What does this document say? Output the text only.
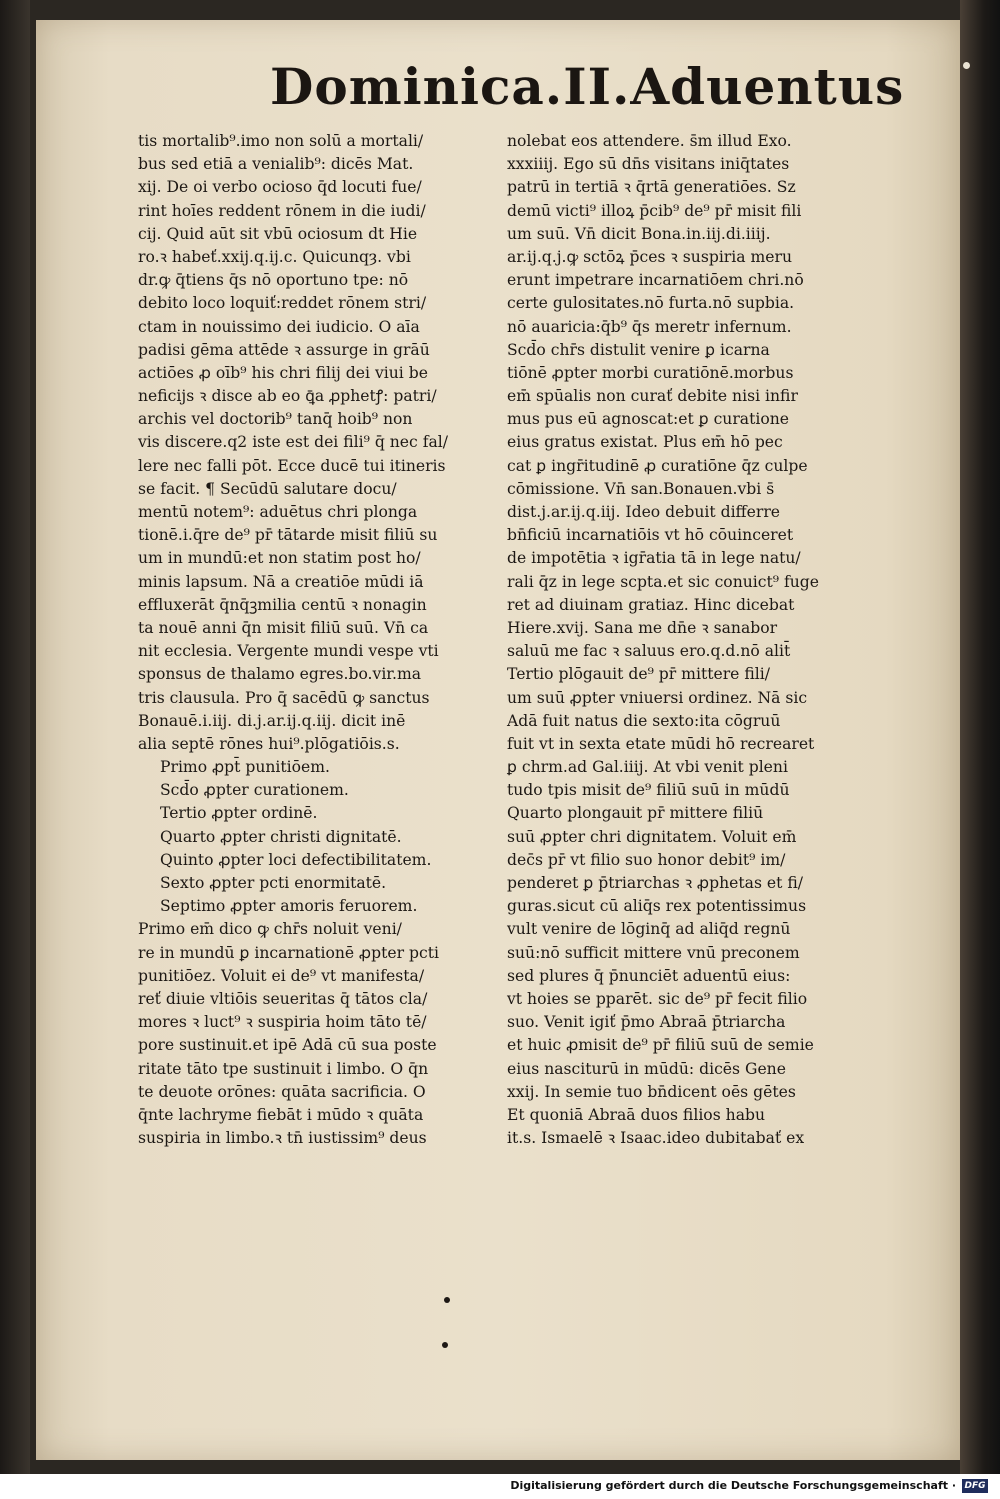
Dominica.II.Aduentus
tis mortalib⁹.imo non solū a mortali/
bus sed etiā a venialib⁹: dicēs Mat.
xij. De oi verbo ocioso q̄d locuti fue/
rint hoīes reddent rōnem in die iudi/
cij. Quid aūt sit vbū ociosum dt Hie
ro.ꝛ habeť.xxij.q.ij.c. Quicunqȝ. vbi
dr.ꝙ q̄tiens q̄s nō oportuno tpe: nō
debito loco loquiť:reddet rōnem stri/
ctam in nouissimo dei iudicio. O aīa
padisi gēma attēde ꝛ assurge in grāū
actiōes ꝓ oīb⁹ his chri filij dei viui be
neficijs ꝛ disce ab eo ꝗ̄a ꝓphetꝭ: patri/
archis vel doctorib⁹ tanq̄ hoib⁹ non
vis discere.q2 iste est dei fili⁹ q̄ nec fal/
lere nec falli pōt. Ecce ducē tui itineris
se facit. ¶ Secūdū salutare docu/
mentū notem⁹: aduētus chri plonga
tionē.i.q̄re de⁹ pr̄ tātarde misit filiū su
um in mundū:et non statim post ho/
minis lapsum. Nā a creatiōe mūdi iā
effluxerāt q̄nq̄ꝫmilia centū ꝛ nonagin
ta nouē anni q̄n misit filiū suū. Vn̄ ca
nit ecclesia. Vergente mundi vespe vti
sponsus de thalamo egres.bo.vir.ma
tris clausula. Pro q̄ sacēdū ꝙ sanctus
Bonauē.i.iij. di.j.ar.ij.q.iij. dicit inē
alia septē rōnes hui⁹.plōgatiōis.s.
Primo ꝓpt̄ punitiōem.
Scd̄o ꝓpter curationem.
Tertio ꝓpter ordinē.
Quarto ꝓpter christi dignitatē.
Quinto ꝓpter loci defectibilitatem.
Sexto ꝓpter pcti enormitatē.
Septimo ꝓpter amoris feruorem.
Primo em̄ dico ꝙ chr̄s noluit veni/
re in mundū ꝑ incarnationē ꝓpter pcti
punitiōez. Voluit ei de⁹ vt manifesta/
reť diuie vltiōis seueritas q̄ tātos cla/
mores ꝛ luct⁹ ꝛ suspiria hoim tāto tē/
pore sustinuit.et ipē Adā cū sua poste
ritate tāto tpe sustinuit i limbo. O q̄n
te deuote orōnes: quāta sacrificia. O
q̄nte lachryme fiebāt i mūdo ꝛ quāta
suspiria in limbo.ꝛ tn̄ iustissim⁹ deus
nolebat eos attendere. s̄m illud Exo.
xxxiiij. Ego sū dn̄s visitans iniq̄tates
patrū in tertiā ꝛ q̄rtā generatiōes. Sz
demū victi⁹ illoꝝ p̄cib⁹ de⁹ pr̄ misit fili
um suū. Vn̄ dicit Bona.in.iij.di.iiij.
ar.ij.q.j.ꝙ sctōꝝ p̄ces ꝛ suspiria meru
erunt impetrare incarnatiōem chri.nō
certe gulositates.nō furta.nō supbia.
nō auaricia:q̄b⁹ q̄s meretr infernum.
Scd̄o chr̄s distulit venire ꝑ icarna
tiōnē ꝓpter morbi curatiōnē.morbus
em̄ spūalis non curať debite nisi infir
mus pus eū agnoscat:et ꝑ curatione
eius gratus existat. Plus em̄ hō pec
cat ꝑ ingr̄itudinē ꝓ curatiōne q̄z culpe
cōmissione. Vn̄ san.Bonauen.vbi s̄
dist.j.ar.ij.q.iij. Ideo debuit differre
bn̄ficiū incarnatiōis vt hō cōuinceret
de impotētia ꝛ igr̄atia tā in lege natu/
rali q̄z in lege scpta.et sic conuict⁹ fuge
ret ad diuinam gratiaz. Hinc dicebat
Hiere.xvij. Sana me dn̄e ꝛ sanabor
saluū me fac ꝛ saluus ero.q.d.nō alit̄
Tertio plōgauit de⁹ pr̄ mittere fili/
um suū ꝓpter vniuersi ordinez. Nā sic
Adā fuit natus die sexto:ita cōgruū
fuit vt in sexta etate mūdi hō recrearet
ꝑ chrm.ad Gal.iiij. At vbi venit pleni
tudo tpis misit de⁹ filiū suū in mūdū
Quarto plongauit pr̄ mittere filiū
suū ꝓpter chri dignitatem. Voluit em̄
dec̄s pr̄ vt filio suo honor debit⁹ im/
penderet ꝑ p̄triarchas ꝛ ꝓphetas et fi/
guras.sicut cū aliq̄s rex potentissimus
vult venire de lōginq̄ ad aliq̄d regnū
suū:nō sufficit mittere vnū preconem
sed plures q̄ p̄nunciēt aduentū eius:
vt hoies se pparēt. sic de⁹ pr̄ fecit filio
suo. Venit igiť p̄mo Abraā p̄triarcha
et huic ꝓmisit de⁹ pr̄ filiū suū de semie
eius nasciturū in mūdū: dicēs Gene
xxij. In semie tuo bn̄dicent oēs gētes
Et quoniā Abraā duos filios habu
it.s. Ismaelē ꝛ Isaac.ideo dubitabať ex
Digitalisierung gefördert durch die Deutsche Forschungsgemeinschaft · DFG
